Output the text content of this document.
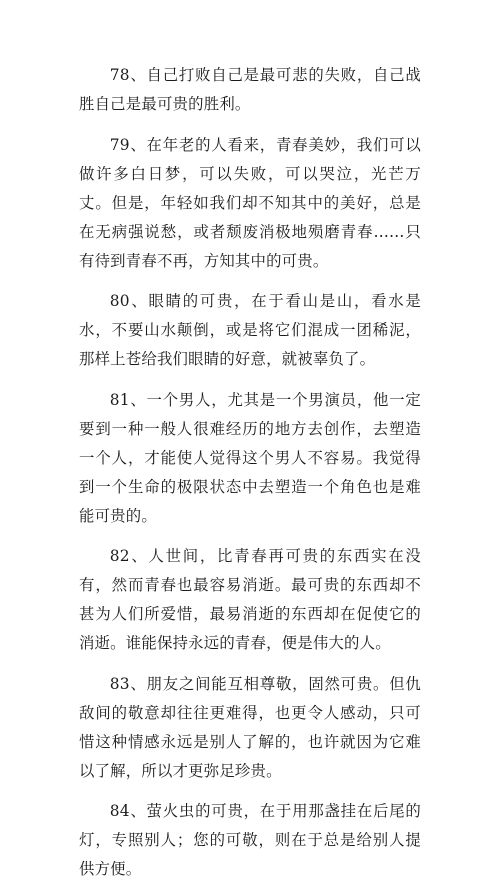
78、自己打败自己是最可悲的失败，自己战胜自己是最可贵的胜利。

79、在年老的人看来，青春美妙，我们可以做许多白日梦，可以失败，可以哭泣，光芒万丈。但是，年轻如我们却不知其中的美好，总是在无病强说愁，或者颓废消极地殒磨青春……只有待到青春不再，方知其中的可贵。

80、眼睛的可贵，在于看山是山，看水是水，不要山水颠倒，或是将它们混成一团稀泥，那样上苍给我们眼睛的好意，就被辜负了。

81、一个男人，尤其是一个男演员，他一定要到一种一般人很难经历的地方去创作，去塑造一个人，才能使人觉得这个男人不容易。我觉得到一个生命的极限状态中去塑造一个角色也是难能可贵的。

82、人世间，比青春再可贵的东西实在没有，然而青春也最容易消逝。最可贵的东西却不甚为人们所爱惜，最易消逝的东西却在促使它的消逝。谁能保持永远的青春，便是伟大的人。

83、朋友之间能互相尊敬，固然可贵。但仇敌间的敬意却往往更难得，也更令人感动，只可惜这种情感永远是别人了解的，也许就因为它难以了解，所以才更弥足珍贵。

84、萤火虫的可贵，在于用那盏挂在后尾的灯，专照别人；您的可敬，则在于总是给别人提供方便。
